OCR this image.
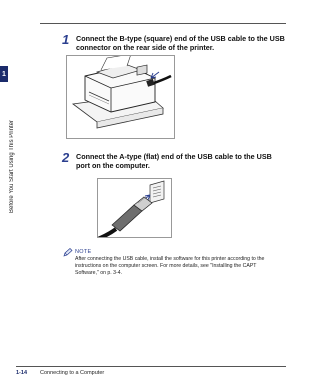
1
Before You Start Using This Printer
1 Connect the B-type (square) end of the USB cable to the USB connector on the rear side of the printer.
2 Connect the A-type (flat) end of the USB cable to the USB port on the computer.
NOTE
After connecting the USB cable, install the software for this printer according to the instructions on the computer screen. For more details, see "Installing the CAPT Software," on p. 3-4.
1-14 Connecting to a Computer
